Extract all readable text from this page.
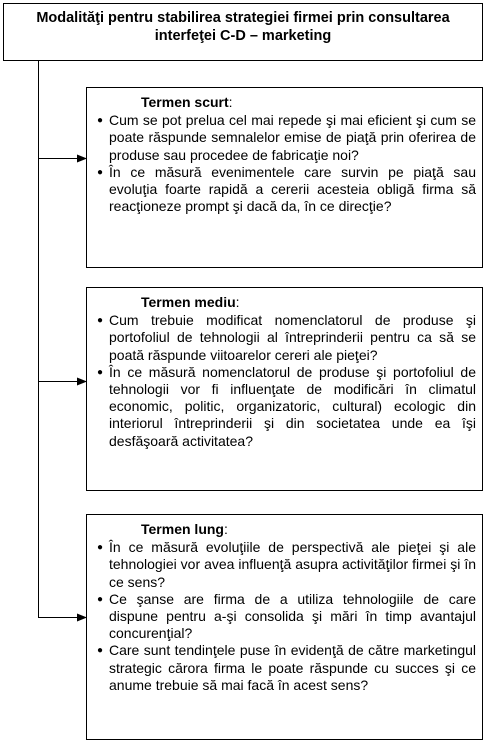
Modalităţi pentru stabilirea strategiei firmei prin consultarea interfeţei C-D – marketing
Termen scurt:
● Cum se pot prelua cel mai repede şi mai eficient şi cum se poate răspunde semnalelor emise de piaţă prin oferirea de produse sau procedee de fabricaţie noi?
● În ce măsură evenimentele care survin pe piaţă sau evoluţia foarte rapidă a cererii acesteia obligă firma să reacţioneze prompt şi dacă da, în ce direcţie?
Termen mediu:
● Cum trebuie modificat nomenclatorul de produse şi portofoliul de tehnologii al întreprinderii pentru ca să se poată răspunde viitoarelor cereri ale pieţei?
● În ce măsură nomenclatorul de produse şi portofoliul de tehnologii vor fi influenţate de modificări în climatul economic, politic, organizatoric, cultural) ecologic din interiorul întreprinderii şi din societatea unde ea îşi desfăşoară activitatea?
Termen lung:
● În ce măsură evoluţiile de perspectivă ale pieţei şi ale tehnologiei vor avea influenţă asupra activităţilor firmei şi în ce sens?
● Ce şanse are firma de a utiliza tehnologiile de care dispune pentru a-şi consolida şi mări în timp avantajul concurenţial?
● Care sunt tendinţele puse în evidenţă de către marketingul strategic cărora firma le poate răspunde cu succes şi ce anume trebuie să mai facă în acest sens?
